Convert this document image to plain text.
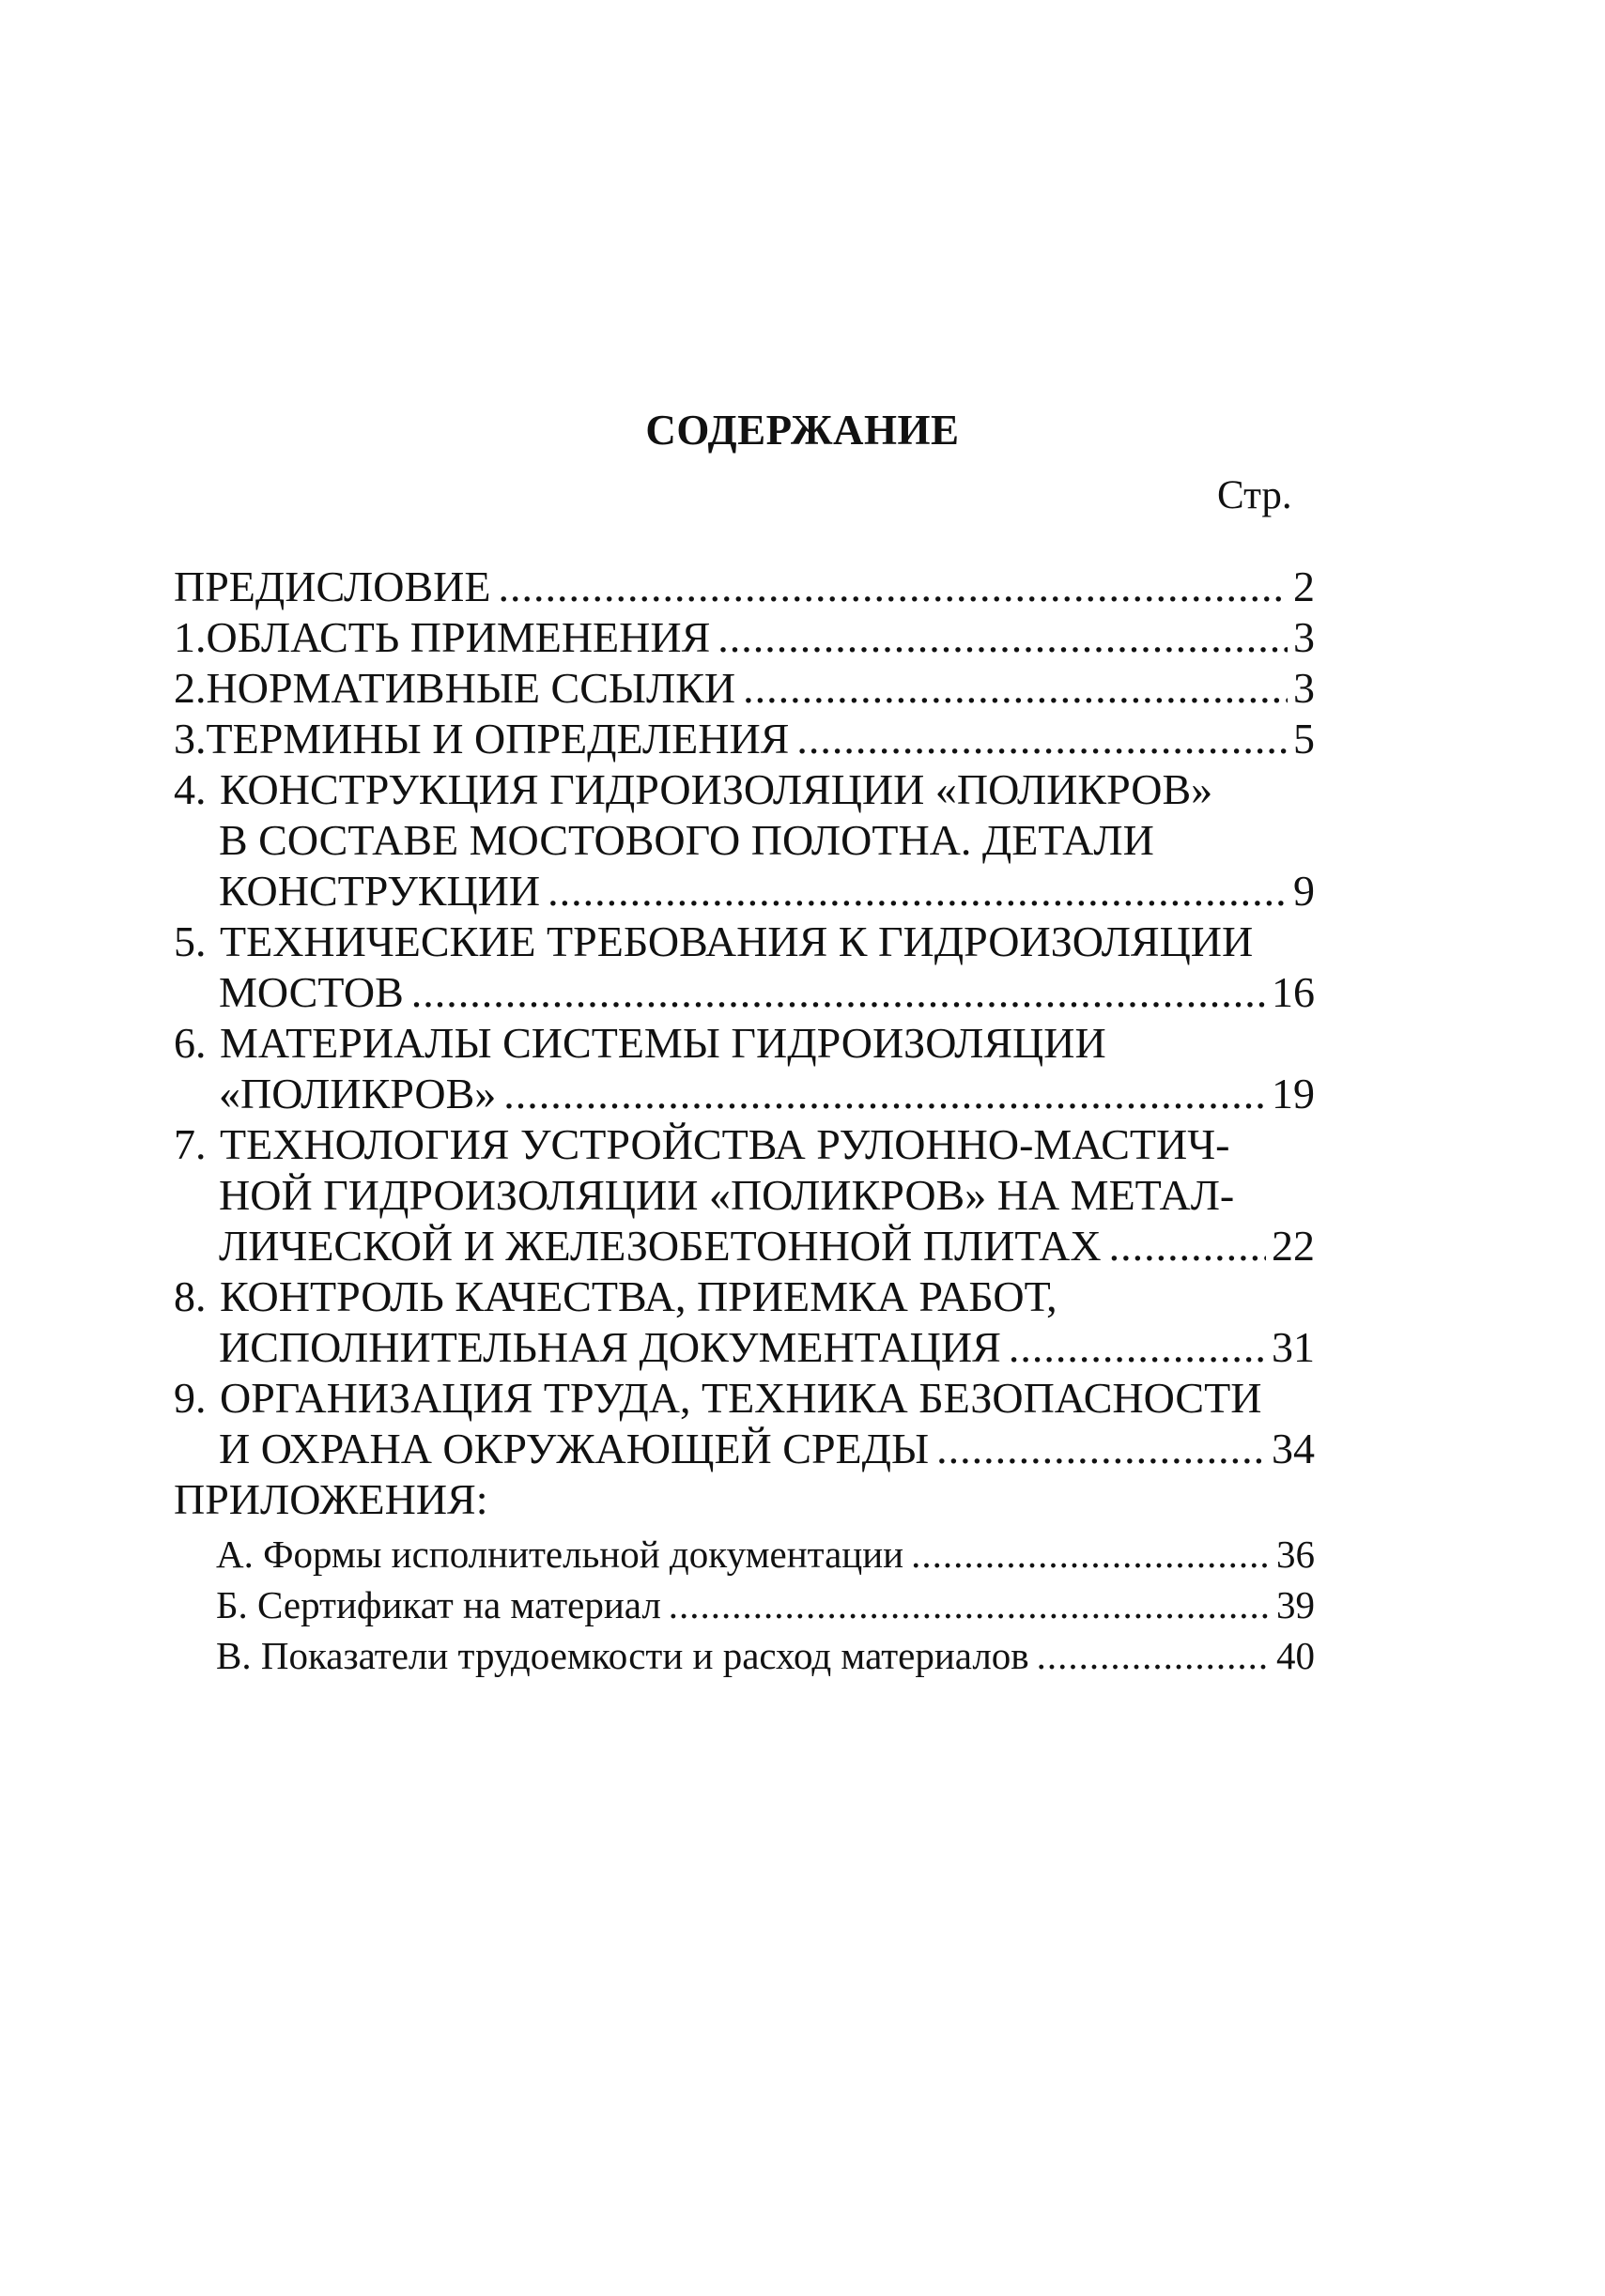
СОДЕРЖАНИЕ
Стр.
ПРЕДИСЛОВИЕ .....	2
1. ОБЛАСТЬ ПРИМЕНЕНИЯ .....	3
2. НОРМАТИВНЫЕ ССЫЛКИ .....	3
3. ТЕРМИНЫ И ОПРЕДЕЛЕНИЯ .....	5
4. КОНСТРУКЦИЯ ГИДРОИЗОЛЯЦИИ «ПОЛИКРОВ»
В СОСТАВЕ МОСТОВОГО ПОЛОТНА. ДЕТАЛИ
КОНСТРУКЦИИ .....	9
5. ТЕХНИЧЕСКИЕ ТРЕБОВАНИЯ К ГИДРОИЗОЛЯЦИИ
МОСТОВ .....	16
6. МАТЕРИАЛЫ СИСТЕМЫ ГИДРОИЗОЛЯЦИИ
«ПОЛИКРОВ» .....	19
7. ТЕХНОЛОГИЯ УСТРОЙСТВА РУЛОННО-МАСТИЧ-
НОЙ ГИДРОИЗОЛЯЦИИ «ПОЛИКРОВ» НА МЕТАЛ-
ЛИЧЕСКОЙ И ЖЕЛЕЗОБЕТОННОЙ ПЛИТАХ .....	22
8. КОНТРОЛЬ КАЧЕСТВА, ПРИЕМКА РАБОТ,
ИСПОЛНИТЕЛЬНАЯ ДОКУМЕНТАЦИЯ .....	31
9. ОРГАНИЗАЦИЯ ТРУДА, ТЕХНИКА БЕЗОПАСНОСТИ
И ОХРАНА ОКРУЖАЮЩЕЙ СРЕДЫ .....	34
ПРИЛОЖЕНИЯ:
А. Формы исполнительной документации .....	36
Б. Сертификат на материал .....	39
В. Показатели трудоемкости и расход материалов .....	40
